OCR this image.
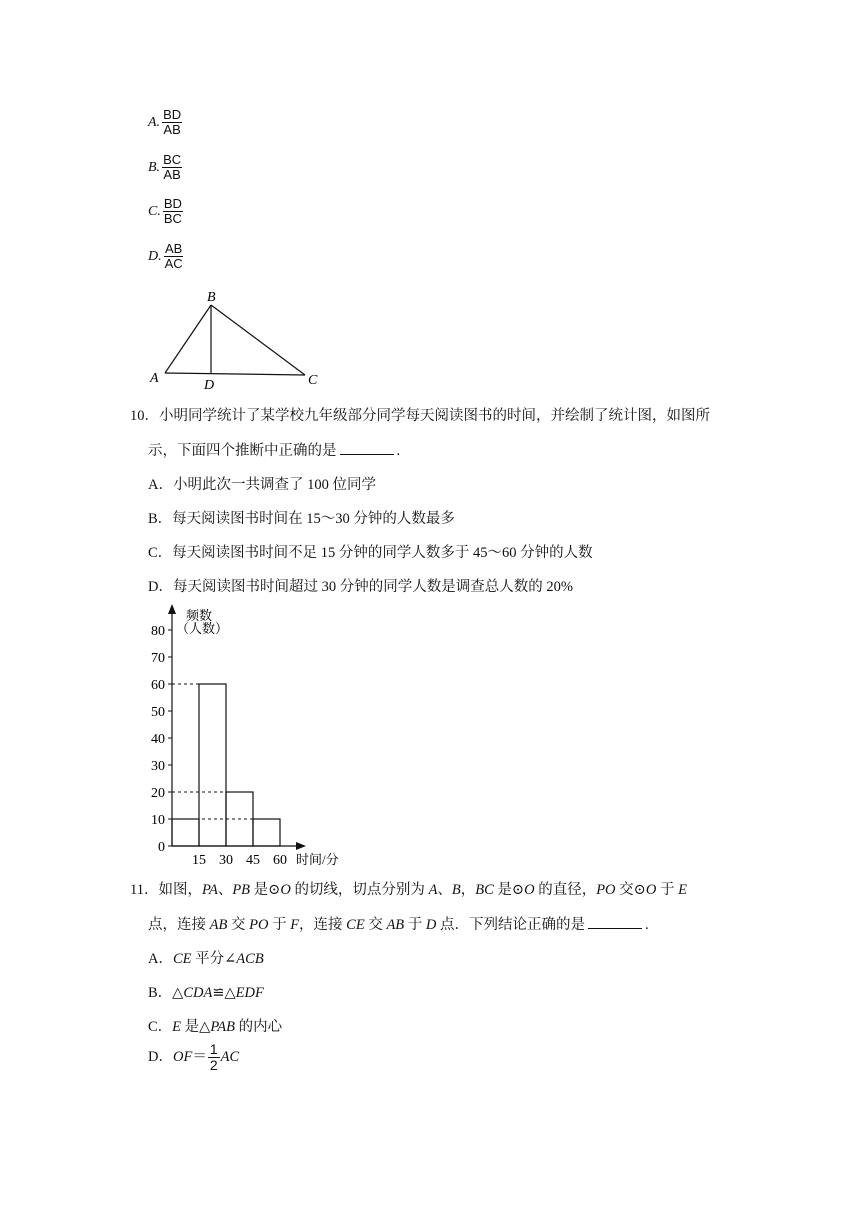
A. $\frac{BD}{AB}$
B. $\frac{BC}{AB}$
C. $\frac{BD}{BC}$
D. $\frac{AB}{AC}$
B
A	D	C
10．小明同学统计了某学校九年级部分同学每天阅读图书的时间，并绘制了统计图，如图所
示，下面四个推断中正确的是	.
A．小明此次一共调查了 100 位同学
B．每天阅读图书时间在 15～30 分钟的人数最多
C．每天阅读图书时间不足 15 分钟的同学人数多于 45～60 分钟的人数
D．每天阅读图书时间超过 30 分钟的同学人数是调查总人数的 20%
0
10
20
30
40
50
60
70
80
15 30 45 60
频数
（人数）
时间/分
11．如图，PA、PB 是⊙O 的切线，切点分别为 A、B，BC 是⊙O 的直径，PO 交⊙O 于 E
点，连接 AB 交 PO 于 F，连接 CE 交 AB 于 D 点．下列结论正确的是	.
A．CE 平分∠ACB
B．△CDA≌△EDF
C．E 是△PAB 的内心
D．$OF= \frac{1}{2}$ AC
